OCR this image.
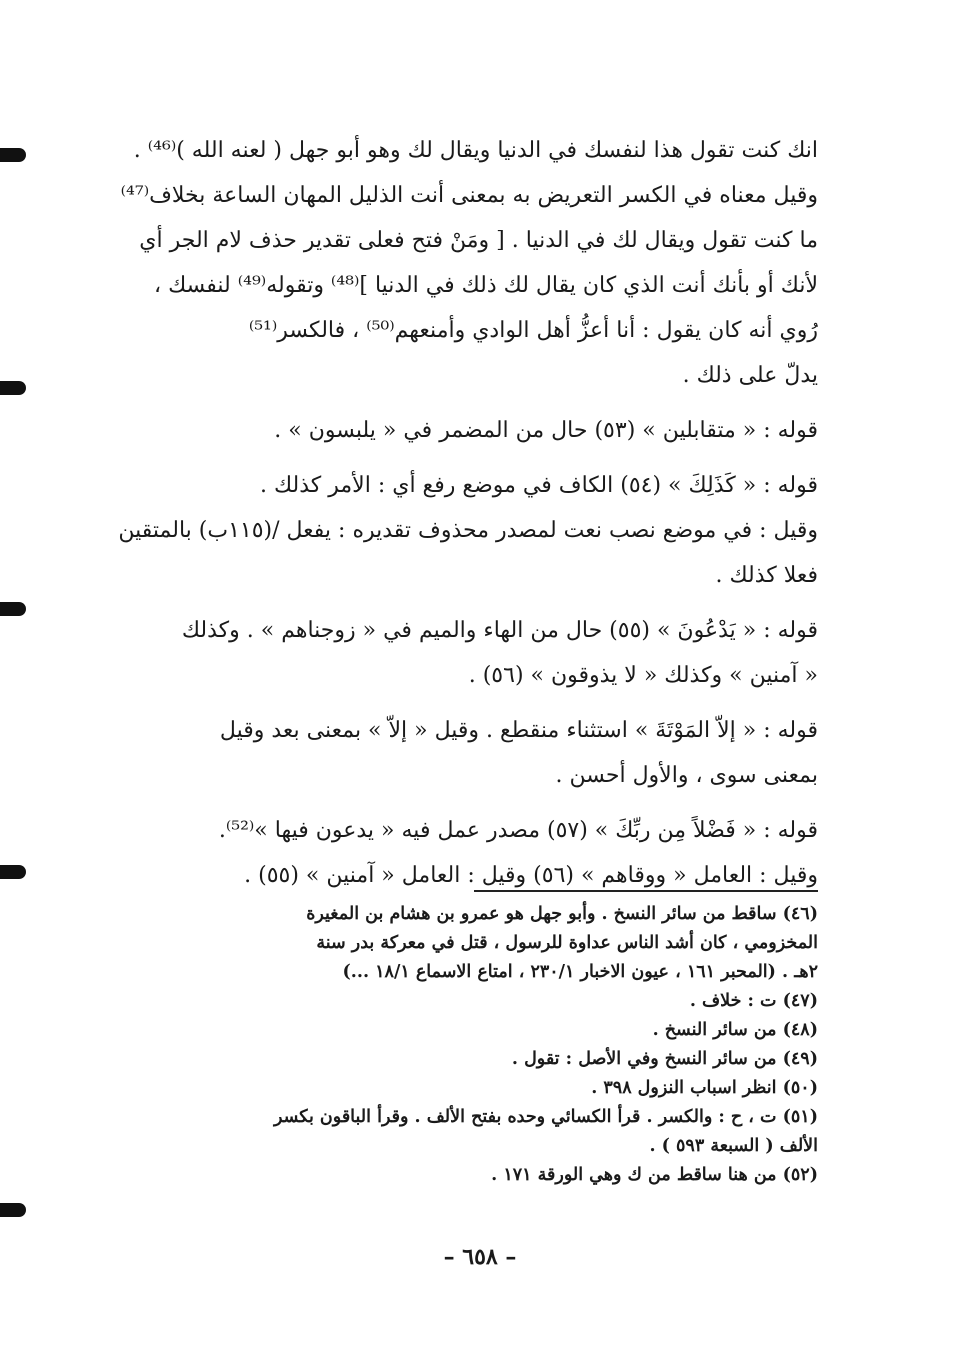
انك كنت تقول هذا لنفسك في الدنيا ويقال لك وهو أبو جهل ( لعنه الله )⁽⁴⁶⁾ .
وقيل معناه في الكسر التعريض به بمعنى أنت الذليل المهان الساعة بخلاف⁽⁴⁷⁾
ما كنت تقول ويقال لك في الدنيا . [ ومَنْ فتح فعلى تقدير حذف لام الجر أي
لأنك أو بأنك أنت الذي كان يقال لك ذلك في الدنيا ]⁽⁴⁸⁾ وتقوله⁽⁴⁹⁾ لنفسك ،
رُوي أنه كان يقول : أنا أعزُّ أهل الوادي وأمنعهم⁽⁵⁰⁾ ، فالكسر⁽⁵¹⁾
يدلّ على ذلك .
قوله : « متقابلين » (٥٣) حال من المضمر في « يلبسون » .
قوله : « كَذَلِكَ » (٥٤) الكاف في موضع رفع أي : الأمر كذلك .
وقيل : في موضع نصب نعت لمصدر محذوف تقديره : يفعل /(١١٥ب) بالمتقين
فعلا كذلك .
قوله : « يَدْعُونَ » (٥٥) حال من الهاء والميم في « زوجناهم » . وكذلك
« آمنين » وكذلك « لا يذوقون » (٥٦) .
قوله : « إلاّ المَوْتَةَ » استثناء منقطع . وقيل « إلاّ » بمعنى بعد وقيل
بمعنى سوى ، والأول أحسن .
قوله : « فَضْلاً مِن ربِّكَ » (٥٧) مصدر عمل فيه « يدعون فيها »⁽⁵²⁾.
وقيل : العامل « ووقاهم » (٥٦) وقيل : العامل « آمنين » (٥٥) .
(٤٦) ساقط من سائر النسخ . وأبو جهل هو عمرو بن هشام بن المغيرة
المخزومي ، كان أشد الناس عداوة للرسول ، قتل في معركة بدر سنة
٢هـ . (المحبر ١٦١ ، عيون الاخبار ٢٣٠/١ ، امتاع الاسماع ١٨/١ ...)
(٤٧) ت : خلاف .
(٤٨) من سائر النسخ .
(٤٩) من سائر النسخ وفي الأصل : تقول .
(٥٠) انظر اسباب النزول ٣٩٨ .
(٥١) ت ، ح : والكسر . قرأ الكسائي وحده بفتح الألف . وقرأ الباقون بكسر
الألف ( السبعة ٥٩٣ ) .
(٥٢) من هنا ساقط من ك وهي الورقة ١٧١ .
– ٦٥٨ –
